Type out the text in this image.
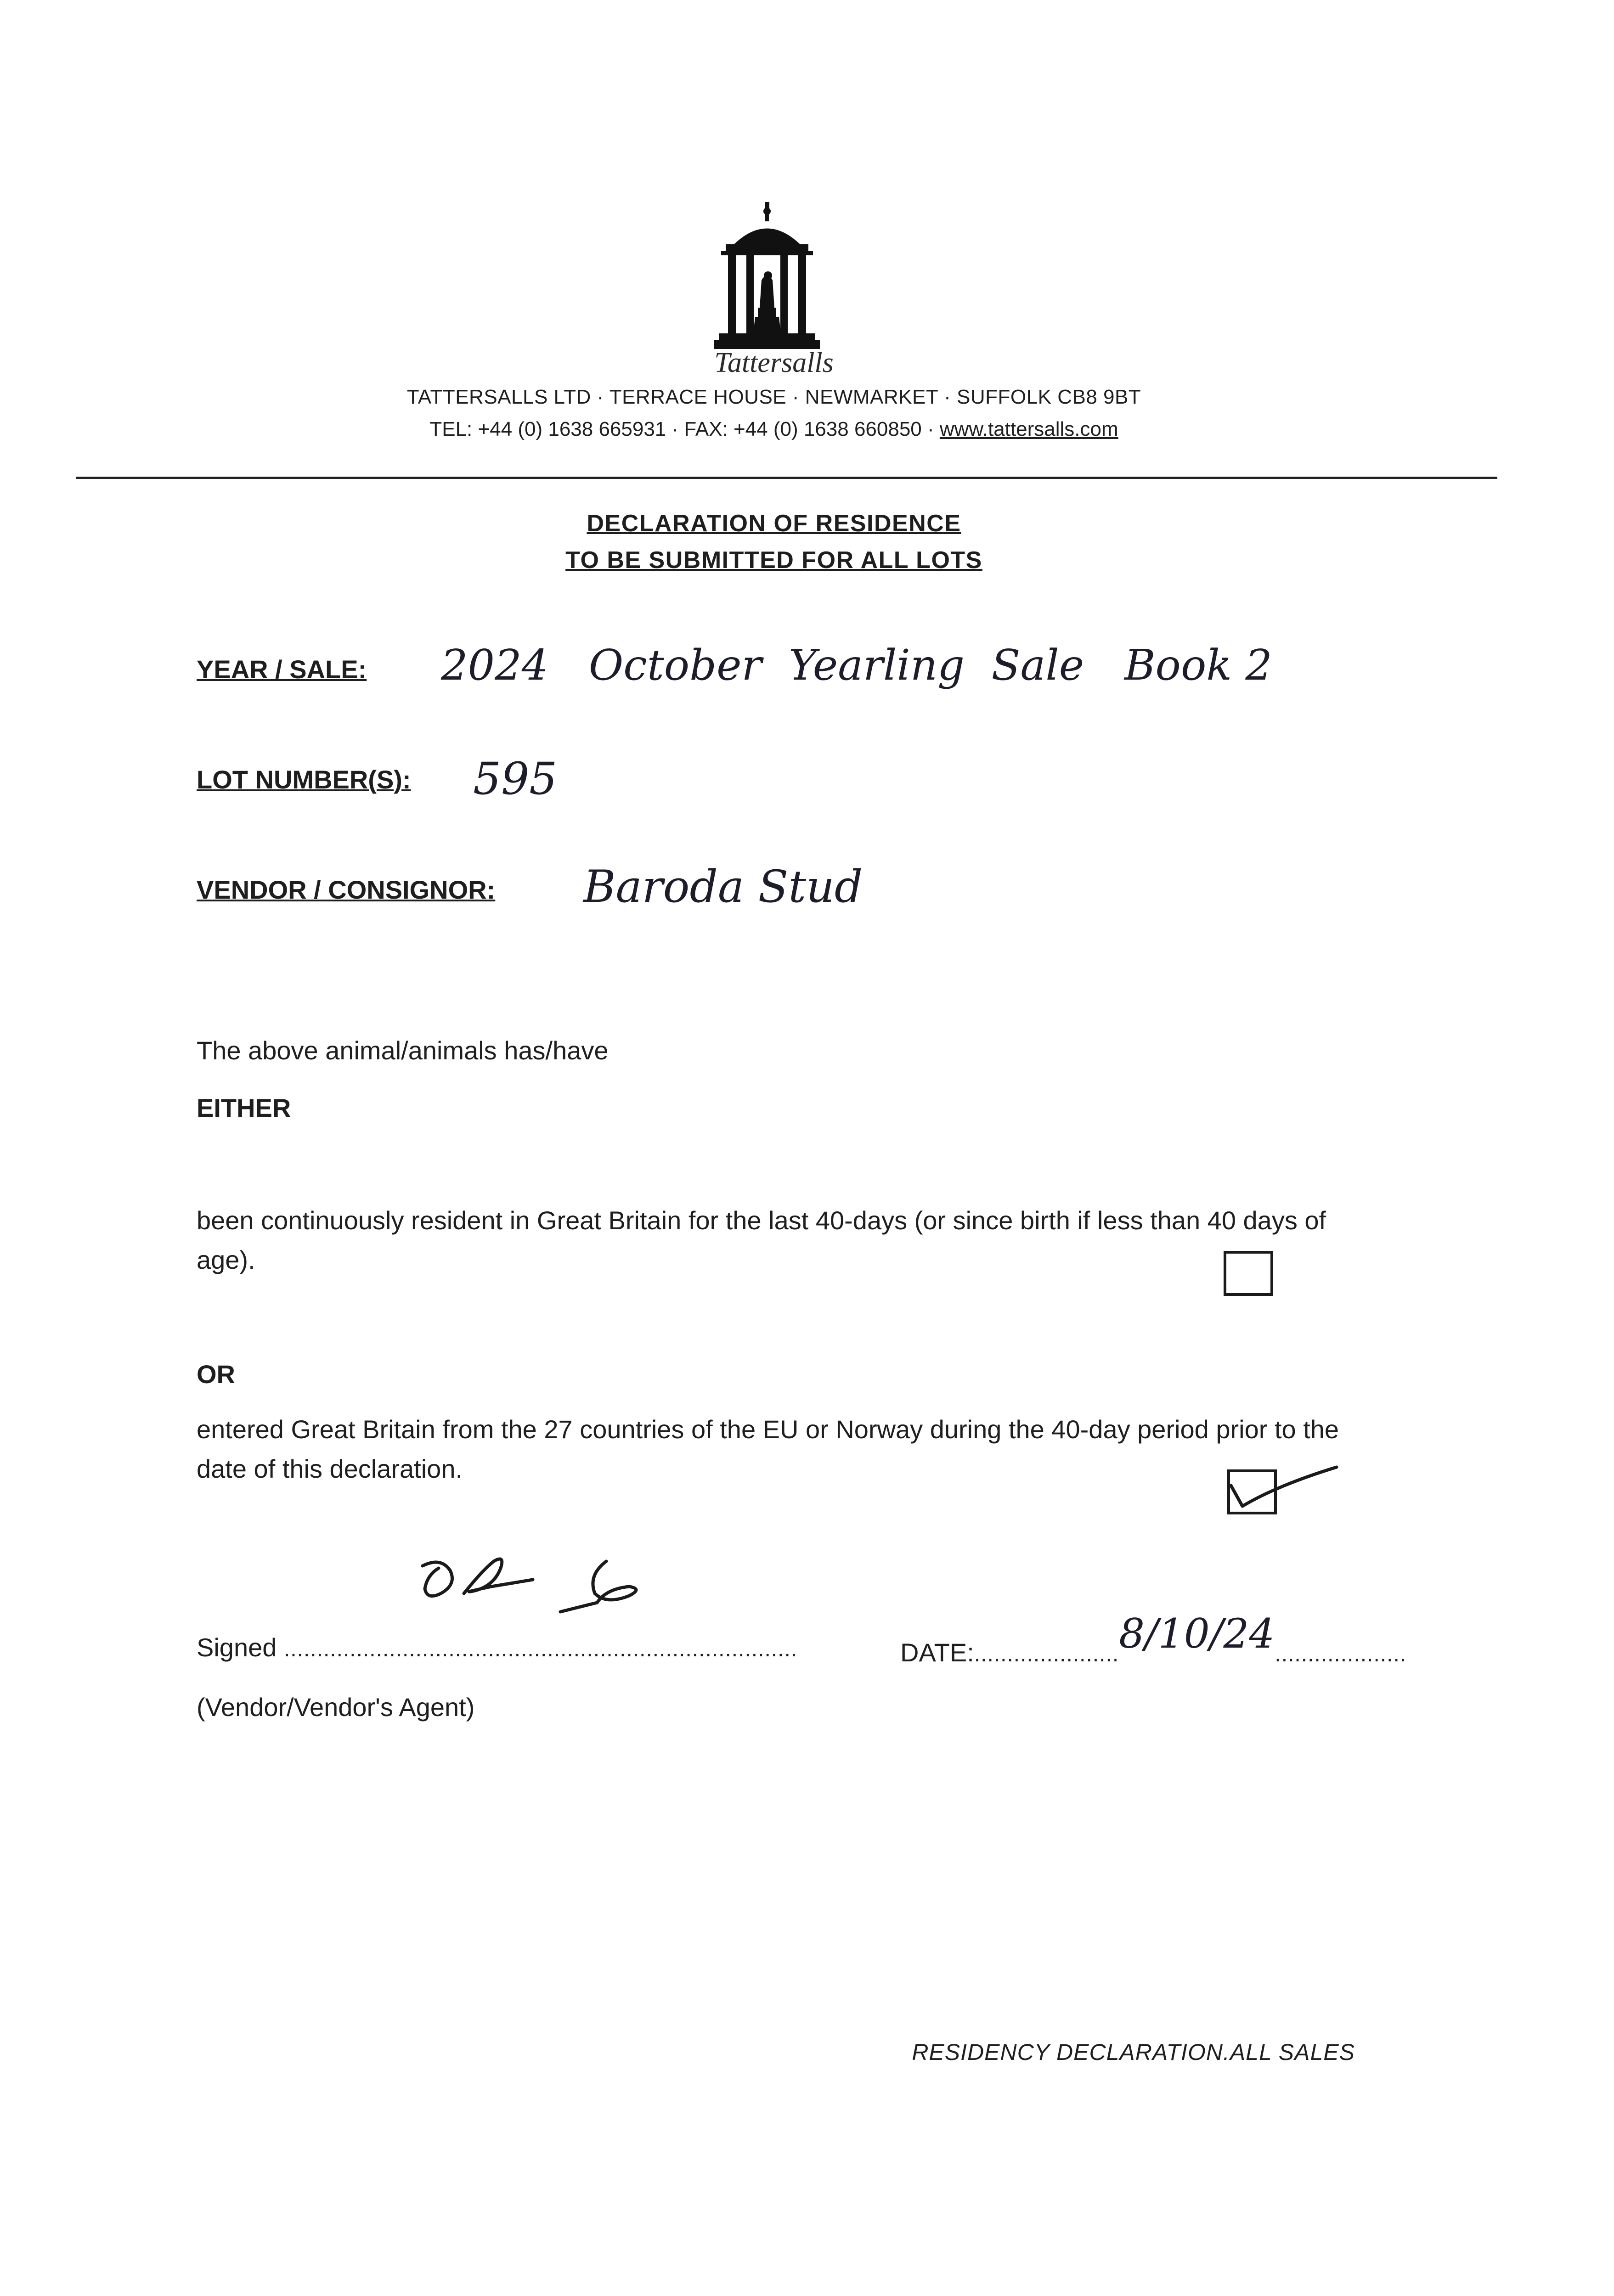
Tattersalls
TATTERSALLS LTD · TERRACE HOUSE · NEWMARKET · SUFFOLK CB8 9BT
TEL: +44 (0) 1638 665931 · FAX: +44 (0) 1638 660850 · www.tattersalls.com
DECLARATION OF RESIDENCE
TO BE SUBMITTED FOR ALL LOTS
YEAR / SALE: 2024   October  Yearling  Sale   Book 2
LOT NUMBER(S): 595
VENDOR / CONSIGNOR: Baroda Stud
The above animal/animals has/have
EITHER
been continuously resident in Great Britain for the last 40-days (or since birth if less than 40 days of age).
OR
entered Great Britain from the 27 countries of the EU or Norway during the 40-day period prior to the date of this declaration.
Signed ..............................................................................	DATE:......................8/10/24....................
(Vendor/Vendor's Agent)
RESIDENCY DECLARATION.ALL SALES
